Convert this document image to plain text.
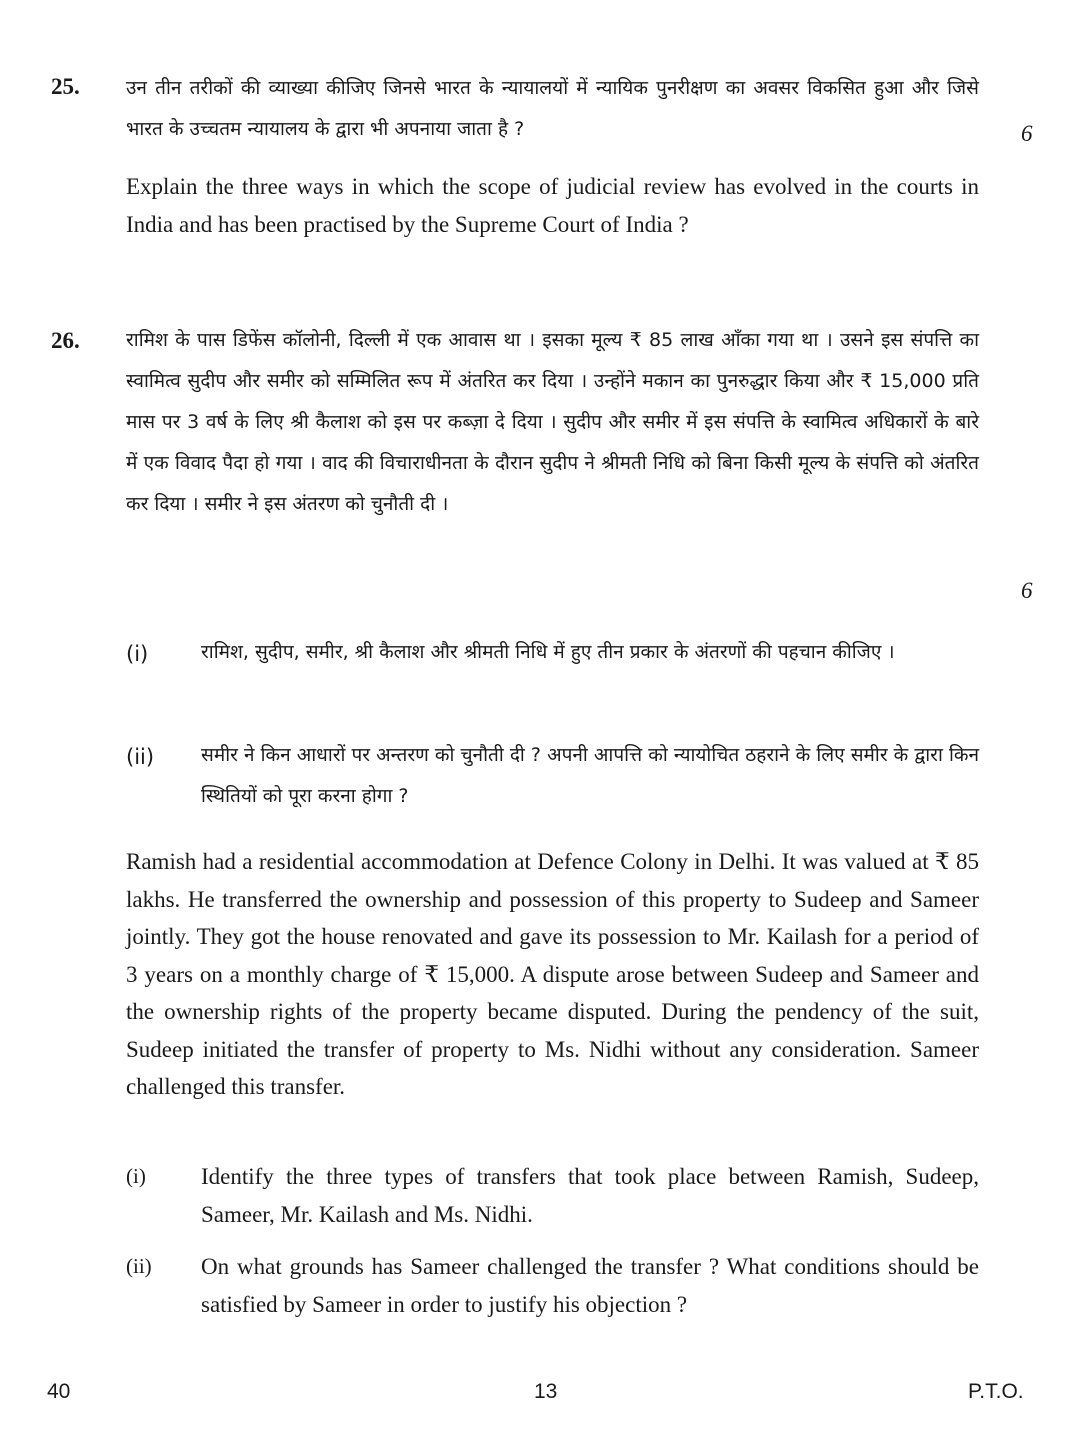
25. उन तीन तरीकों की व्याख्या कीजिए जिनसे भारत के न्यायालयों में न्यायिक पुनरीक्षण का अवसर विकसित हुआ और जिसे भारत के उच्चतम न्यायालय के द्वारा भी अपनाया जाता है ?	6
Explain the three ways in which the scope of judicial review has evolved in the courts in India and has been practised by the Supreme Court of India ?
26. रामिश के पास डिफेंस कॉलोनी, दिल्ली में एक आवास था । इसका मूल्य ₹ 85 लाख आँका गया था । उसने इस संपत्ति का स्वामित्व सुदीप और समीर को सम्मिलित रूप में अंतरित कर दिया । उन्होंने मकान का पुनरुद्धार किया और ₹ 15,000 प्रति मास पर 3 वर्ष के लिए श्री कैलाश को इस पर कब्ज़ा दे दिया । सुदीप और समीर में इस संपत्ति के स्वामित्व अधिकारों के बारे में एक विवाद पैदा हो गया । वाद की विचाराधीनता के दौरान सुदीप ने श्रीमती निधि को बिना किसी मूल्य के संपत्ति को अंतरित कर दिया । समीर ने इस अंतरण को चुनौती दी ।
6
(i)	रामिश, सुदीप, समीर, श्री कैलाश और श्रीमती निधि में हुए तीन प्रकार के अंतरणों की पहचान कीजिए ।
(ii) समीर ने किन आधारों पर अन्तरण को चुनौती दी ? अपनी आपत्ति को न्यायोचित ठहराने के लिए समीर के द्वारा किन स्थितियों को पूरा करना होगा ?
Ramish had a residential accommodation at Defence Colony in Delhi. It was valued at ₹ 85 lakhs. He transferred the ownership and possession of this property to Sudeep and Sameer jointly. They got the house renovated and gave its possession to Mr. Kailash for a period of 3 years on a monthly charge of ₹ 15,000. A dispute arose between Sudeep and Sameer and the ownership rights of the property became disputed. During the pendency of the suit, Sudeep initiated the transfer of property to Ms. Nidhi without any consideration. Sameer challenged this transfer.
(i) Identify the three types of transfers that took place between Ramish, Sudeep, Sameer, Mr. Kailash and Ms. Nidhi.
(ii) On what grounds has Sameer challenged the transfer ? What conditions should be satisfied by Sameer in order to justify his objection ?
40	13	P.T.O.
